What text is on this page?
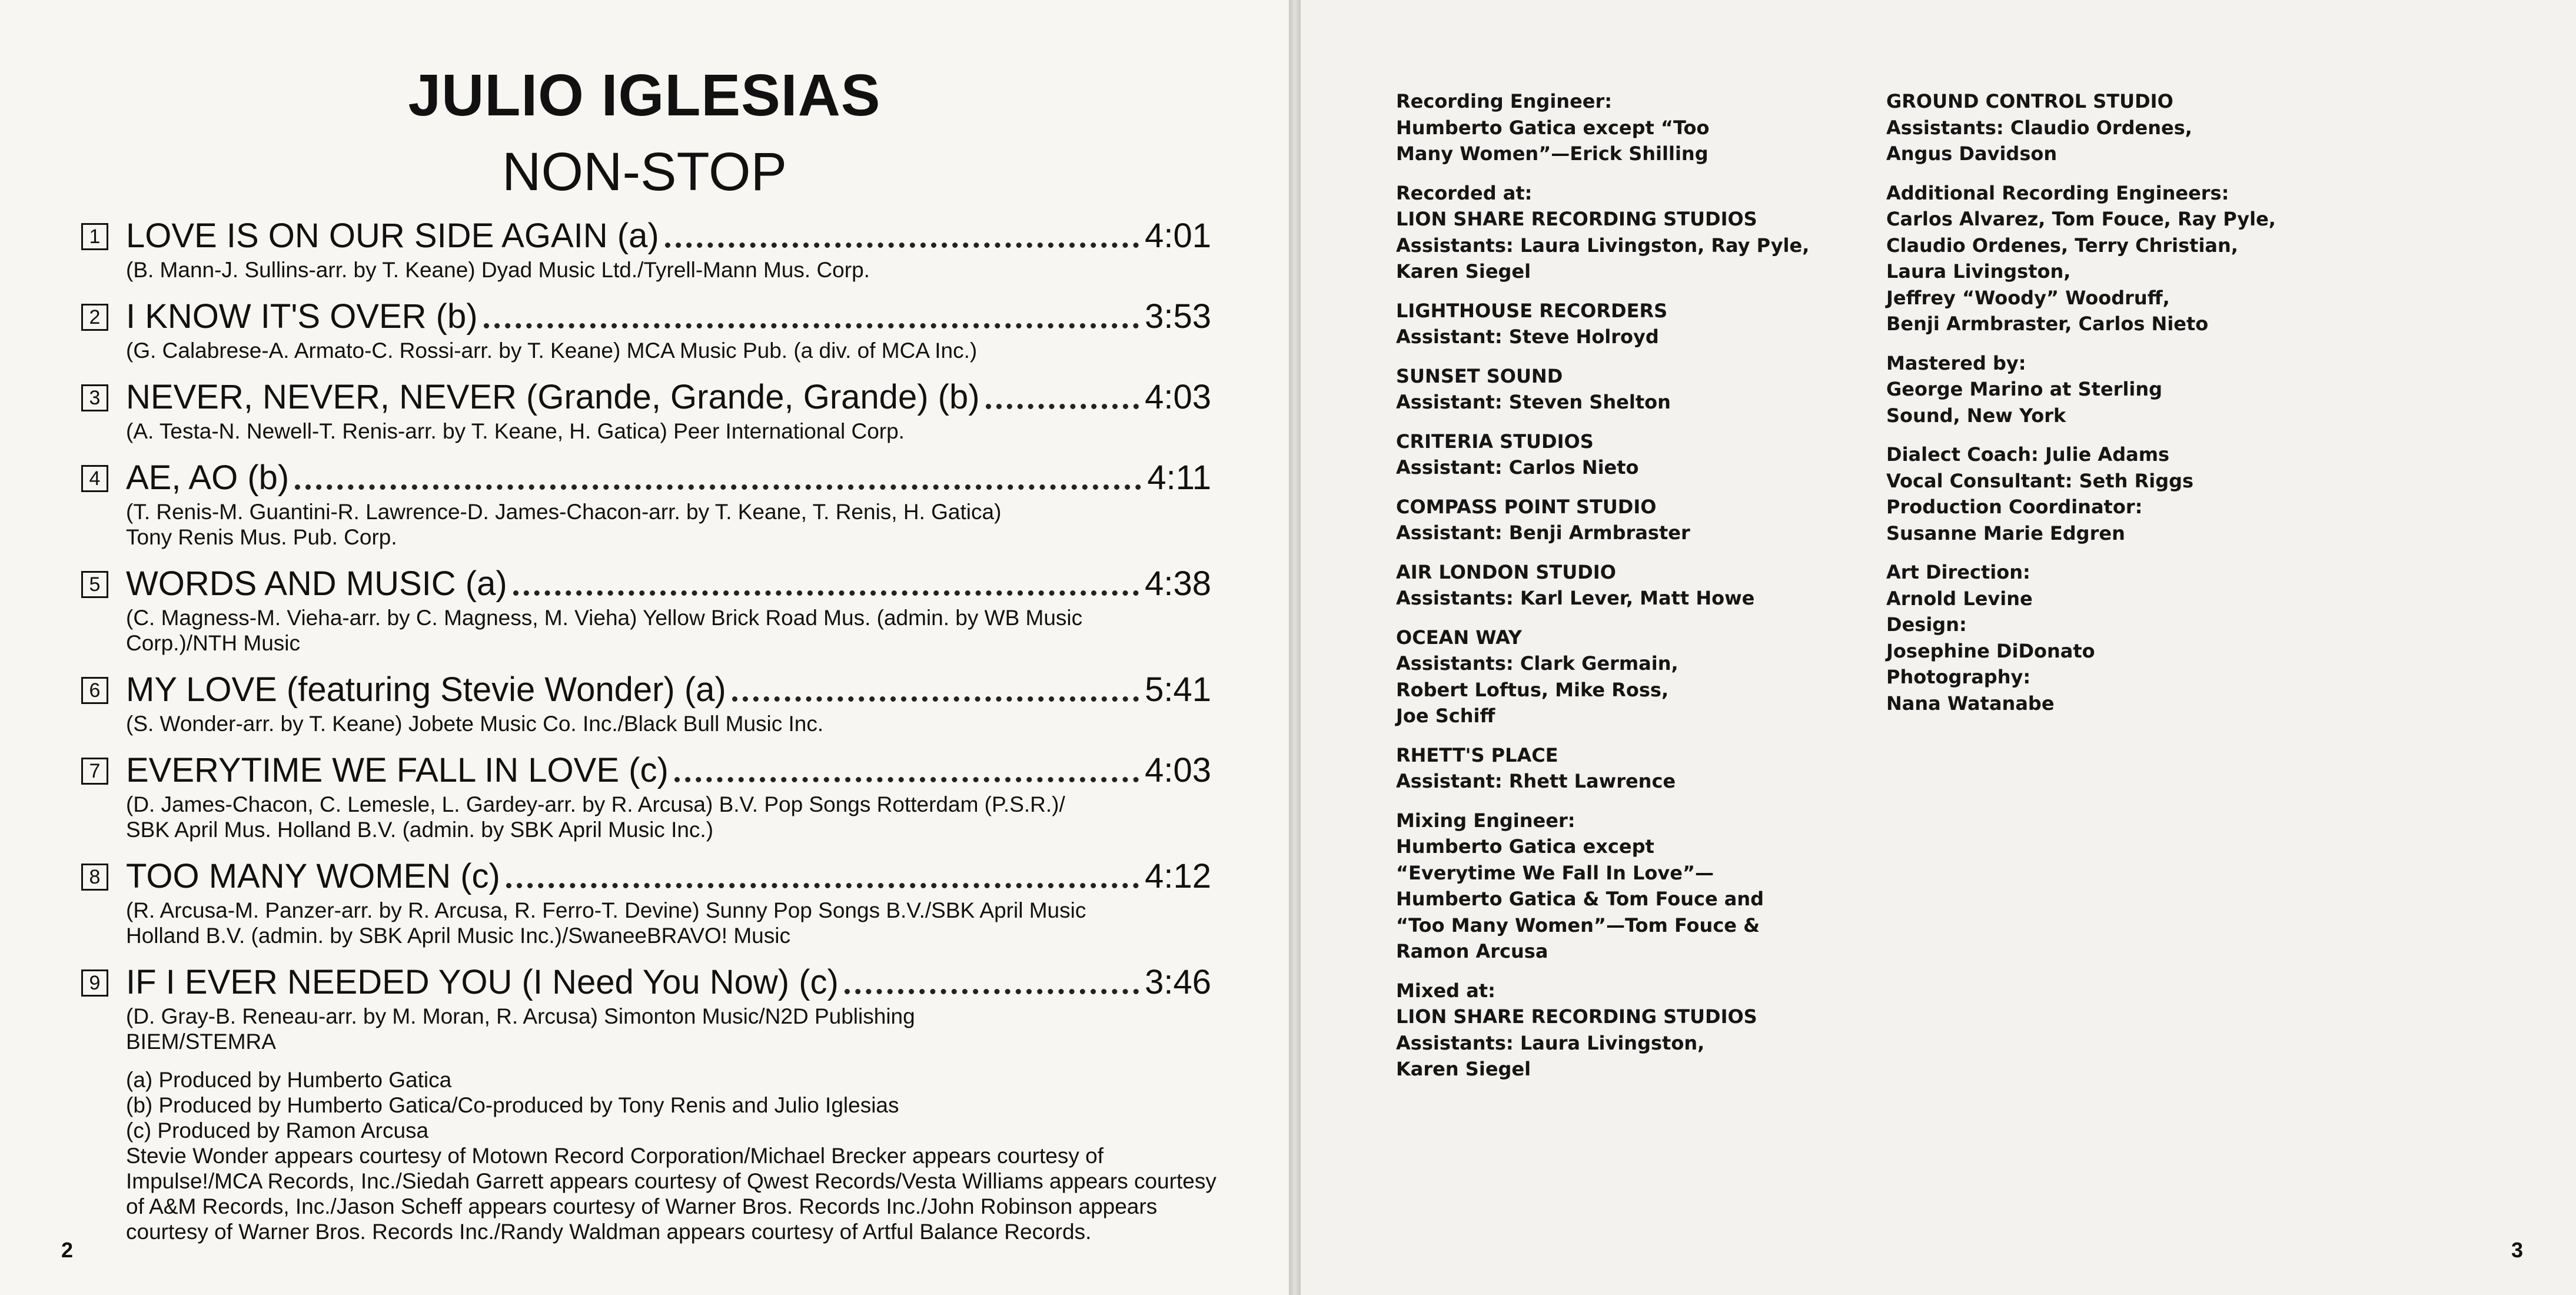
JULIO IGLESIAS
NON-STOP
1 LOVE IS ON OUR SIDE AGAIN (a)	4:01
(B. Mann-J. Sullins-arr. by T. Keane) Dyad Music Ltd./Tyrell-Mann Mus. Corp.
2 I KNOW IT'S OVER (b)	3:53
(G. Calabrese-A. Armato-C. Rossi-arr. by T. Keane) MCA Music Pub. (a div. of MCA Inc.)
3 NEVER, NEVER, NEVER (Grande, Grande, Grande) (b)	4:03
(A. Testa-N. Newell-T. Renis-arr. by T. Keane, H. Gatica) Peer International Corp.
4 AE, AO (b)	4:11
(T. Renis-M. Guantini-R. Lawrence-D. James-Chacon-arr. by T. Keane, T. Renis, H. Gatica)
Tony Renis Mus. Pub. Corp.
5 WORDS AND MUSIC (a)	4:38
(C. Magness-M. Vieha-arr. by C. Magness, M. Vieha) Yellow Brick Road Mus. (admin. by WB Music
Corp.)/NTH Music
6 MY LOVE (featuring Stevie Wonder) (a)	5:41
(S. Wonder-arr. by T. Keane) Jobete Music Co. Inc./Black Bull Music Inc.
7 EVERYTIME WE FALL IN LOVE (c)	4:03
(D. James-Chacon, C. Lemesle, L. Gardey-arr. by R. Arcusa) B.V. Pop Songs Rotterdam (P.S.R.)/
SBK April Mus. Holland B.V. (admin. by SBK April Music Inc.)
8 TOO MANY WOMEN (c)	4:12
(R. Arcusa-M. Panzer-arr. by R. Arcusa, R. Ferro-T. Devine) Sunny Pop Songs B.V./SBK April Music
Holland B.V. (admin. by SBK April Music Inc.)/SwaneeBRAVO! Music
9 IF I EVER NEEDED YOU (I Need You Now) (c)	3:46
(D. Gray-B. Reneau-arr. by M. Moran, R. Arcusa) Simonton Music/N2D Publishing
BIEM/STEMRA
(a) Produced by Humberto Gatica
(b) Produced by Humberto Gatica/Co-produced by Tony Renis and Julio Iglesias
(c) Produced by Ramon Arcusa
Stevie Wonder appears courtesy of Motown Record Corporation/Michael Brecker appears courtesy of Impulse!/MCA Records, Inc./Siedah Garrett appears courtesy of Qwest Records/Vesta Williams appears courtesy of A&M Records, Inc./Jason Scheff appears courtesy of Warner Bros. Records Inc./John Robinson appears courtesy of Warner Bros. Records Inc./Randy Waldman appears courtesy of Artful Balance Records.
2
Recording Engineer:
Humberto Gatica except “Too
Many Women”—Erick Shilling
Recorded at:
LION SHARE RECORDING STUDIOS
Assistants: Laura Livingston, Ray Pyle,
Karen Siegel
LIGHTHOUSE RECORDERS
Assistant: Steve Holroyd
SUNSET SOUND
Assistant: Steven Shelton
CRITERIA STUDIOS
Assistant: Carlos Nieto
COMPASS POINT STUDIO
Assistant: Benji Armbraster
AIR LONDON STUDIO
Assistants: Karl Lever, Matt Howe
OCEAN WAY
Assistants: Clark Germain,
Robert Loftus, Mike Ross,
Joe Schiff
RHETT'S PLACE
Assistant: Rhett Lawrence
Mixing Engineer:
Humberto Gatica except
“Everytime We Fall In Love”—
Humberto Gatica & Tom Fouce and
“Too Many Women”—Tom Fouce &
Ramon Arcusa
Mixed at:
LION SHARE RECORDING STUDIOS
Assistants: Laura Livingston,
Karen Siegel
GROUND CONTROL STUDIO
Assistants: Claudio Ordenes,
Angus Davidson
Additional Recording Engineers:
Carlos Alvarez, Tom Fouce, Ray Pyle,
Claudio Ordenes, Terry Christian,
Laura Livingston,
Jeffrey “Woody” Woodruff,
Benji Armbraster, Carlos Nieto
Mastered by:
George Marino at Sterling
Sound, New York
Dialect Coach: Julie Adams
Vocal Consultant: Seth Riggs
Production Coordinator:
Susanne Marie Edgren
Art Direction:
Arnold Levine
Design:
Josephine DiDonato
Photography:
Nana Watanabe
3
